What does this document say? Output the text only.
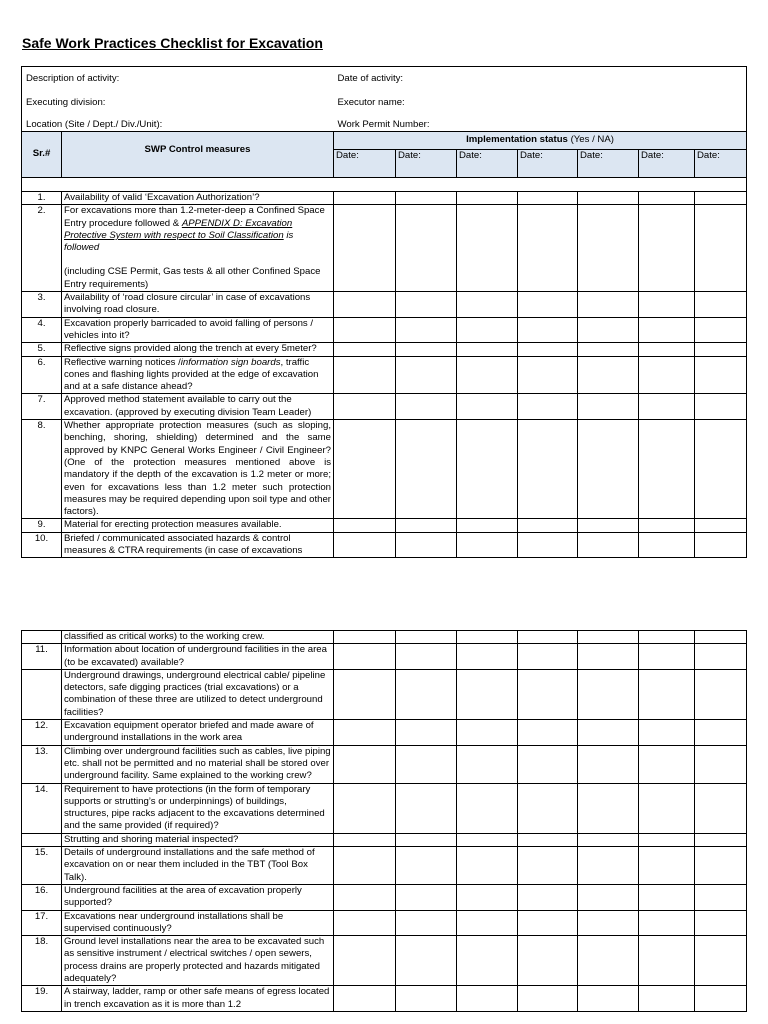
Safe Work Practices Checklist for Excavation
Description of activity:		Date of activity:						
Executing division:		Executor name:						
Location (Site / Dept./ Div./Unit):		Work Permit Number:						
Sr.#	SWP Control measures	Implementation status (Yes / NA)						
		Date:	Date:	Date:	Date:	Date:	Date:	Date:

1.	Availability of valid ‘Excavation Authorization’?							
2.	For excavations more than 1.2-meter-deep a Confined Space Entry procedure followed & APPENDIX D: Excavation Protective System with respect to Soil Classification is followed
(including CSE Permit, Gas tests & all other Confined Space Entry requirements)							

3.	Availability of ‘road closure circular’ in case of excavations involving road closure.							
4.	Excavation properly barricaded to avoid falling of persons / vehicles into it?							
5.	Reflective signs provided along the trench at every 5meter?							
6.	Reflective warning notices /information sign boards, traffic cones and flashing lights provided at the edge of excavation and at a safe distance ahead?							
7.	Approved method statement available to carry out the excavation. (approved by executing division Team Leader)							
8.	Whether appropriate protection measures (such as sloping, benching, shoring, shielding) determined and the same approved by KNPC General Works Engineer / Civil Engineer? (One of the protection measures mentioned above is mandatory if the depth of the excavation is 1.2 meter or more; even for excavations less than 1.2 meter such protection measures may be required depending upon soil type and other factors).							
9.	Material for erecting protection measures available.							
10.	Briefed / communicated associated hazards & control measures & CTRA requirements (in case of excavations							
	classified as critical works) to the working crew.							
11.	Information about location of underground facilities in the area (to be excavated) available?							
	Underground drawings, underground electrical cable/ pipeline detectors, safe digging practices (trial excavations) or a combination of these three are utilized to detect underground facilities?							
12.	Excavation equipment operator briefed and made aware of underground installations in the work area							
13.	Climbing over underground facilities such as cables, live piping etc. shall not be permitted and no material shall be stored over underground facility. Same explained to the working crew?							
14.	Requirement to have protections (in the form of temporary supports or strutting’s or underpinnings) of buildings, structures, pipe racks adjacent to the excavations determined and the same provided (if required)?							
	Strutting and shoring material inspected?							
15.	Details of underground installations and the safe method of excavation on or near them included in the TBT (Tool Box Talk).							
16.	Underground facilities at the area of excavation properly supported?							
17.	Excavations near underground installations shall be supervised continuously?							
18.	Ground level installations near the area to be excavated such as sensitive instrument / electrical switches / open sewers, process drains are properly protected and hazards mitigated adequately?							
19.	A stairway, ladder, ramp or other safe means of egress located in trench excavation as it is more than 1.2							
